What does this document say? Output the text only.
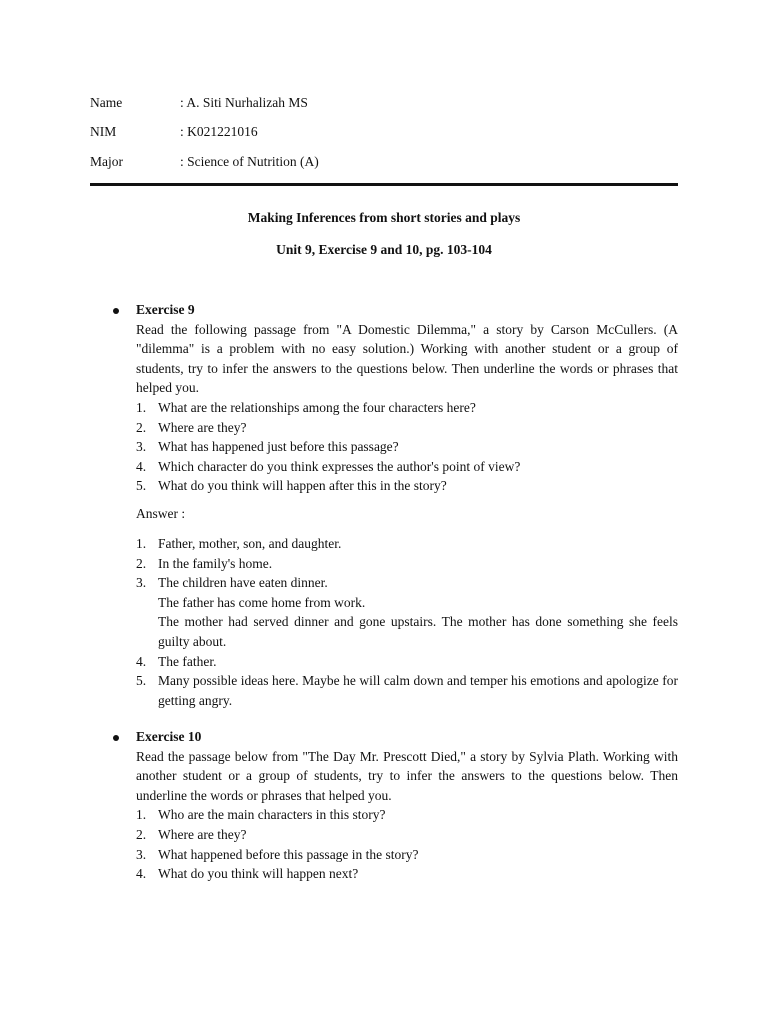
Name	: A. Siti Nurhalizah MS
NIM	: K021221016
Major	: Science of Nutrition (A)
Making Inferences from short stories and plays
Unit 9, Exercise 9 and 10, pg. 103-104
Exercise 9
Read the following passage from "A Domestic Dilemma," a story by Carson McCullers. (A "dilemma" is a problem with no easy solution.) Working with another student or a group of students, try to infer the answers to the questions below. Then underline the words or phrases that helped you.
1. What are the relationships among the four characters here?
2. Where are they?
3. What has happened just before this passage?
4. Which character do you think expresses the author's point of view?
5. What do you think will happen after this in the story?
Answer :
1. Father, mother, son, and daughter.
2. In the family's home.
3. The children have eaten dinner.
The father has come home from work.
The mother had served dinner and gone upstairs. The mother has done something she feels guilty about.
4. The father.
5. Many possible ideas here. Maybe he will calm down and temper his emotions and apologize for getting angry.
Exercise 10
Read the passage below from "The Day Mr. Prescott Died," a story by Sylvia Plath. Working with another student or a group of students, try to infer the answers to the questions below. Then underline the words or phrases that helped you.
1. Who are the main characters in this story?
2. Where are they?
3. What happened before this passage in the story?
4. What do you think will happen next?
